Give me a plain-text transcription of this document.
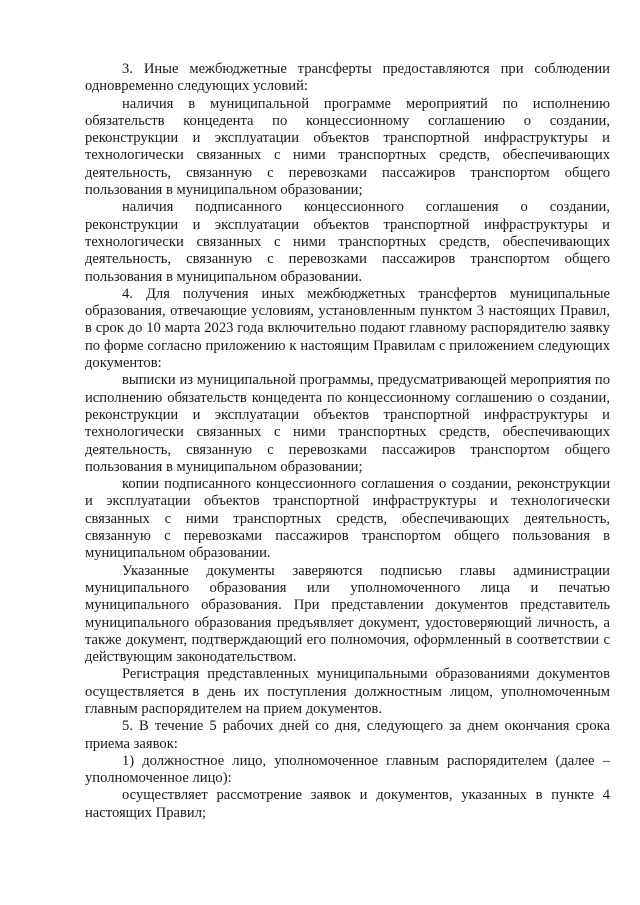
3. Иные межбюджетные трансферты предоставляются при соблюдении одновременно следующих условий:

наличия в муниципальной программе мероприятий по исполнению обязательств концедента по концессионному соглашению о создании, реконструкции и эксплуатации объектов транспортной инфраструктуры и технологически связанных с ними транспортных средств, обеспечивающих деятельность, связанную с перевозками пассажиров транспортом общего пользования в муниципальном образовании;

наличия подписанного концессионного соглашения о создании, реконструкции и эксплуатации объектов транспортной инфраструктуры и технологически связанных с ними транспортных средств, обеспечивающих деятельность, связанную с перевозками пассажиров транспортом общего пользования в муниципальном образовании.

4. Для получения иных межбюджетных трансфертов муниципальные образования, отвечающие условиям, установленным пунктом 3 настоящих Правил, в срок до 10 марта 2023 года включительно подают главному распорядителю заявку по форме согласно приложению к настоящим Правилам с приложением следующих документов:

выписки из муниципальной программы, предусматривающей мероприятия по исполнению обязательств концедента по концессионному соглашению о создании, реконструкции и эксплуатации объектов транспортной инфраструктуры и технологически связанных с ними транспортных средств, обеспечивающих деятельность, связанную с перевозками пассажиров транспортом общего пользования в муниципальном образовании;

копии подписанного концессионного соглашения о создании, реконструкции и эксплуатации объектов транспортной инфраструктуры и технологически связанных с ними транспортных средств, обеспечивающих деятельность, связанную с перевозками пассажиров транспортом общего пользования в муниципальном образовании.

Указанные документы заверяются подписью главы администрации муниципального образования или уполномоченного лица и печатью муниципального образования. При представлении документов представитель муниципального образования предъявляет документ, удостоверяющий личность, а также документ, подтверждающий его полномочия, оформленный в соответствии с действующим законодательством.

Регистрация представленных муниципальными образованиями документов осуществляется в день их поступления должностным лицом, уполномоченным главным распорядителем на прием документов.

5. В течение 5 рабочих дней со дня, следующего за днем окончания срока приема заявок:

1) должностное лицо, уполномоченное главным распорядителем (далее – уполномоченное лицо):

осуществляет рассмотрение заявок и документов, указанных в пункте 4 настоящих Правил;
